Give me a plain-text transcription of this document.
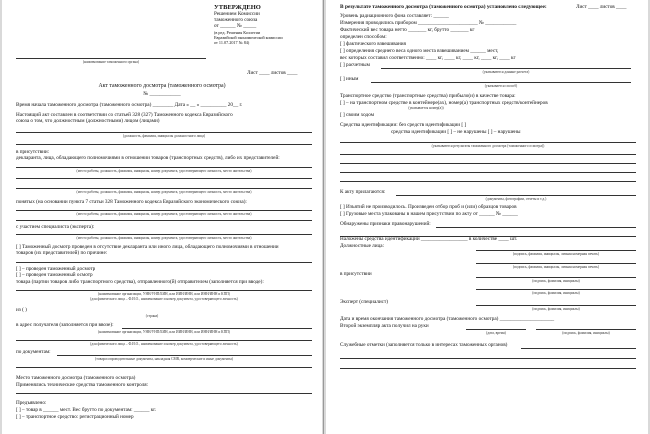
УТВЕРЖДЕНО
Решением Комиссии
таможенного союза
от ______ № _____
(в ред. Решения Коллегии
Евразийской экономической комиссии
от 11.07.2017 № 84)
(наименование таможенного органа)
Лист ____ листов ____
Акт таможенного досмотра (таможенного осмотра)
№ ____________
Время начала таможенного досмотра (таможенного осмотра) ________ Дата « __ » __________ 20__ г.
Настоящий акт составлен в соответствии со статьей 328 (327) Таможенного кодекса Евразийского
союза о том, что должностным (должностными) лицом (лицами)
(должность, фамилия, инициалы должностного лица)
в присутствии:
декларанта, лица, обладающего полномочиями в отношении товаров (транспортных средств), либо их представителей:
(место работы, должность, фамилия, инициалы, номер документа, удостоверяющего личность, место жительства)
(место работы, должность, фамилия, инициалы, номер документа, удостоверяющего личность, место жительства)
понятых (на основании пункта 7 статьи 328 Таможенного кодекса Евразийского экономического союза):
(место работы, должность, фамилия, инициалы, номер документа, удостоверяющего личность, место жительства)
с участием специалиста (эксперта):
(место работы, должность, фамилия, инициалы, номер документа, удостоверяющего личность, место жительства)
[ ] Таможенный досмотр проведен в отсутствие декларанта или иного лица, обладающего полномочиями в отношении
товаров (их представителей) по причине:
[ ] – проведен таможенный досмотр
[ ] – проведен таможенный осмотр
товара (партии товаров либо транспортного средства), отправленного(й) отправителем (заполняется при вводе):
(наименование организации, УНН/УНП/БИН, или ИИН/ИНН, или ИНН/ИНН и КПП)
(для физического лица – Ф.И.О., наименование и номер документа, удостоверяющего личность)
из ( )
(страна)
в адрес получателя (заполняется при ввозе):
(наименование организации, УНН/УНП/БИН, или ИИН/ИНН, или ИНН/ИНН и КПП)
(для физического лица – Ф.И.О., наименование и номер документа, удостоверяющего личность)
по документам:
(товаросопроводительные документы, накладная CMR, коммерческие и иные документы)
Место таможенного досмотра (таможенного осмотра)
Применялись технические средства таможенного контроля:
Предъявлено:
[ ] – товар в ______ мест. Вес брутто по документам: ______ кг.
[ ] – транспортное средство: регистрационный номер
В результате таможенного досмотра (таможенного осмотра) установлено следующее:	Лист ____ листов ____
Уровень радиационного фона составляет: ______
Измерения проводились прибором _______________________ № ____________
Фактический вес товара нетто _______ кг, брутто _______ кг
определен способом:
[ ] фактического взвешивания
[ ] определения среднего веса одного места взвешиванием ______ мест,
вес которых составил соответственно: ____ кг, ____ кг, ____ кг, ____ кг, ____ кг
[ ] расчетным
(указываются данные расчета)
[ ] иным
(указывается способ)
Транспортное средство (транспортные средства) прибыло(и) в качестве товара:
[ ] – на транспортном средстве в контейнере(ах), номер(а) транспортных средств/контейнеров
(указывается номер(а))
[ ] своим ходом
Средства идентификации: без средств идентификации [ ]
средства идентификации [ ] – не нарушены [ ] – нарушены
(указываются результаты таможенного досмотра (таможенного осмотра))
К акту прилагаются:
(документы, фотографии, отчеты и т.д.)
[ ] Изъятий не производилось. Произведен отбор проб и (или) образцов товаров
[ ] Грузовые места упакованы в нашем присутствии по акту от ______ № ______
Обнаружены признаки правонарушений:
Наложены средства идентификации __________________ в количестве ____ шт.
Должностные лица:
(подпись, фамилия, инициалы, личная номерная печать)
(подпись, фамилия, инициалы, личная номерная печать)
в присутствии
(подпись, фамилия, инициалы)
(подпись, фамилия, инициалы)
Эксперт (специалист)
(подпись, фамилия, инициалы)
Дата и время окончания таможенного досмотра (таможенного осмотра) _____________________
Второй экземпляр акта получил на руки
(дата, время)	(подпись, фамилия, инициалы)
Служебные отметки (заполняется только в интересах таможенных органов)
